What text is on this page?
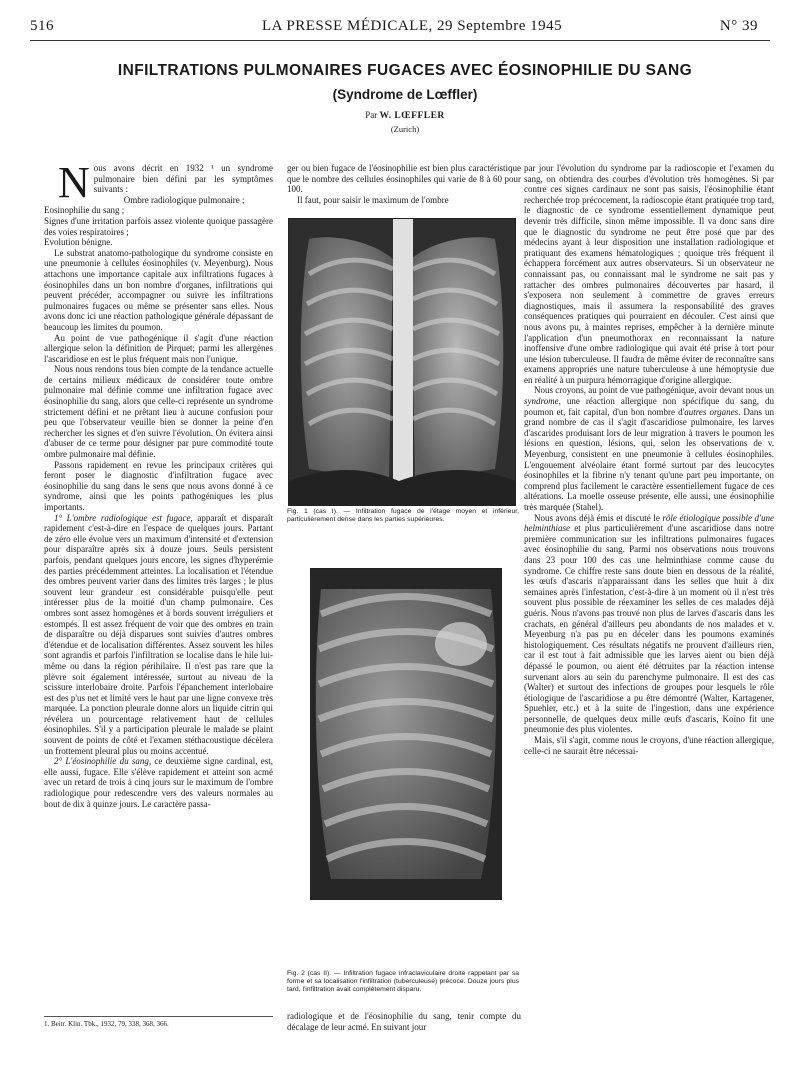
516	LA PRESSE MÉDICALE, 29 Septembre 1945	N° 39
INFILTRATIONS PULMONAIRES FUGACES AVEC ÉOSINOPHILIE DU SANG
(Syndrome de Lœffler)
Par W. LŒFFLER
(Zurich)

Nous avons décrit en 1932 ¹ un syndrome pulmonaire bien défini par les symptômes suivants :

Ombre radiologique pulmonaire ;

Eosinophilie du sang ;

Signes d'une irritation parfois assez violente quoique passagère des voies respiratoires ;

Evolution bénigne.

Le substrat anatomo-pathologique du syndrome consiste en une pneumonie à cellules éosinophiles (v. Meyenburg). Nous attachons une importance capitale aux infiltrations fugaces à éosinophiles dans un bon nombre d'organes, infiltrations qui peuvent précéder, accompagner ou suivre les infiltrations pulmonaires fugaces ou même se présenter sans elles. Nous avons donc ici une réaction pathologique générale dépassant de beaucoup les limites du poumon.

Au point de vue pathogénique il s'agit d'une réaction allergique selon la définition de Pirquet; parmi les allergènes l'ascaridiose en est le plus fréquent mais non l'unique.

Nous nous rendons tous bien compte de la tendance actuelle de certains milieux médicaux de considérer toute ombre pulmonaire mal définie comme une infiltration fugace avec éosinophilie du sang, alors que celle-ci représente un syndrome strictement défini et ne prêtant lieu à aucune confusion pour peu que l'observateur veuille bien se donner la peine d'en rechercher les signes et d'en suivre l'évolution. On évitera ainsi d'abuser de ce terme pour désigner par pure commodité toute ombre pulmonaire mal définie.

Passons rapidement en revue les principaux critères qui feront poser le diagnostic d'infiltration fugace avec éosinophilie du sang dans le sens que nous avons donné à ce syndrome, ainsi que les points pathogéniques les plus importants.

1° L'ombre radiologique est fugace, apparaît et disparaît rapidement c'est-à-dire en l'espace de quelques jours. Partant de zéro elle évolue vers un maximum d'intensité et d'extension pour disparaître après six à douze jours. Seuls persistent parfois, pendant quelques jours encore, les signes d'hyperémie des parties précédemment atteintes. La localisation et l'étendue des ombres peuvent varier dans des limites très larges ; le plus souvent leur grandeur est considérable puisqu'elle peut intéresser plus de la moitié d'un champ pulmonaire. Ces ombres sont assez homogènes et à bords souvent irréguliers et estompés. Il est assez fréquent de voir que des ombres en train de disparaître ou déjà disparues sont suivies d'autres ombres d'étendue et de localisation différentes. Assez souvent les hiles sont agrandis et parfois l'infiltration se localise dans le hile lui-même ou dans la région périhilaire. Il n'est pas rare que la plèvre soit également intéressée, surtout au niveau de la scissure interlobaire droite. Parfois l'épanchement interlobaire est des p'us net et limité vers le haut par une ligne convexe très marquée. La ponction pleurale donne alors un liquide citrin qui révélera un pourcentage relativement haut de cellules éosinophiles. S'il y a participation pleurale le malade se plaint souvent de points de côté et l'examen stéthacoustique décèlera un frottement pleural plus ou moins accentué.

2° L'éosinophilie du sang, ce deuxième signe cardinal, est, elle aussi, fugace. Elle s'élève rapidement et atteint son acmé avec un retard de trois à cinq jours sur le maximum de l'ombre radiologique pour redescendre vers des valeurs normales au bout de dix à quinze jours. Le caractère passa-

1. Beitr. Klin. Tbk., 1932, 79, 338, 368, 366.

ger ou bien fugace de l'éosinophilie est bien plus caractéristique que le nombre des cellules éosinophiles qui varie de 8 à 60 pour 100.

Il faut, pour saisir le maximum de l'ombre

Fig. 1 (cas I). — Infiltration fugace de l'étage moyen et inférieur, particulièrement dense dans les parties supérieures.
Fig. 2 (cas II). — Infiltration fugace infraclaviculaire droite rappelant par sa forme et sa localisation l'infiltration (tuberculeuse) précoce. Douze jours plus tard, l'infiltration avait complètement disparu.

radiologique et de l'éosinophilie du sang, tenir compte du décalage de leur acmé. En suivant jour

par jour l'évolution du syndrome par la radioscopie et l'examen du sang, on obtiendra des courbes d'évolution très homogènes. Si par contre ces signes cardinaux ne sont pas saisis, l'éosinophilie étant recherchée trop précocement, la radioscopie étant pratiquée trop tard, le diagnostic de ce syndrome essentiellement dynamique peut devenir très difficile, sinon même impossible. Il va donc sans dire que le diagnostic du syndrome ne peut être posé que par des médecins ayant à leur disposition une installation radiologique et pratiquant des examens hématologiques ; quoique très fréquent il échappera forcément aux autres observateurs. Si un observateur ne connaissant pas, ou connaissant mal le syndrome ne sait pas y rattacher des ombres pulmonaires découvertes par hasard, il s'exposera non seulement à commettre de graves erreurs diagnostiques, mais il assumera la responsabilité des graves conséquences pratiques qui pourraient en découler. C'est ainsi que nous avons pu, à maintes reprises, empêcher à la dernière minute l'application d'un pneumothorax en reconnaissant la nature inoffensive d'une ombre radiologique qui avait été prise à tort pour une lésion tuberculeuse. Il faudra de même éviter de reconnaître sans examens appropriés une nature tuberculeuse à une hémoptysie due en réalité à un purpura hémorragique d'origine allergique.

Nous croyons, au point de vue pathogénique, avoir devant nous un syndrome, une réaction allergique non spécifique du sang, du poumon et, fait capital, d'un bon nombre d'autres organes. Dans un grand nombre de cas il s'agit d'ascaridiose pulmonaire, les larves d'ascarides produisant lors de leur migration à travers le poumon les lésions en question, lésions, qui, selon les observations de v. Meyenburg, consistent en une pneumonie à cellules éosinophiles. L'engouement alvéolaire étant formé surtout par des leucocytes éosinophiles et la fibrine n'y tenant qu'une part peu importante, on comprend plus facilement le caractère essentiellement fugace de ces altérations. La moelle osseuse présente, elle aussi, une éosinophilie très marquée (Stahel).

Nous avons déjà émis et discuté le rôle étiologique possible d'une helminthiase et plus particulièrement d'une ascaridiose dans notre première communication sur les infiltrations pulmonaires fugaces avec éosinophilie du sang. Parmi nos observations nous trouvons dans 23 pour 100 des cas une helminthiase comme cause du syndrome. Ce chiffre reste sans doute bien en dessous de la réalité, les œufs d'ascaris n'apparaissant dans les selles que huit à dix semaines après l'infestation, c'est-à-dire à un moment où il n'est très souvent plus possible de réexaminer les selles de ces malades déjà guéris. Nous n'avons pas trouvé non plus de larves d'ascaris dans les crachats, en général d'ailleurs peu abondants de nos malades et v. Meyenburg n'a pas pu en déceler dans les poumons examinés histologiquement. Ces résultats négatifs ne prouvent d'ailleurs rien, car il est tout à fait admissible que les larves aient ou bien déjà dépassé le poumon, ou aient été détruites par la réaction intense survenant alors au sein du parenchyme pulmonaire. Il est des cas (Walter) et surtout des infections de groupes pour lesquels le rôle étiologique de l'ascaridiose a pu être démontré (Walter, Kartagener, Spuehler, etc.) et à la suite de l'ingestion, dans une expérience personnelle, de quelques deux mille œufs d'ascaris, Koïno fit une pneumonie des plus violentes.

Mais, s'il s'agit, comme nous le croyons, d'une réaction allergique, celle-ci ne saurait être nécessai-
